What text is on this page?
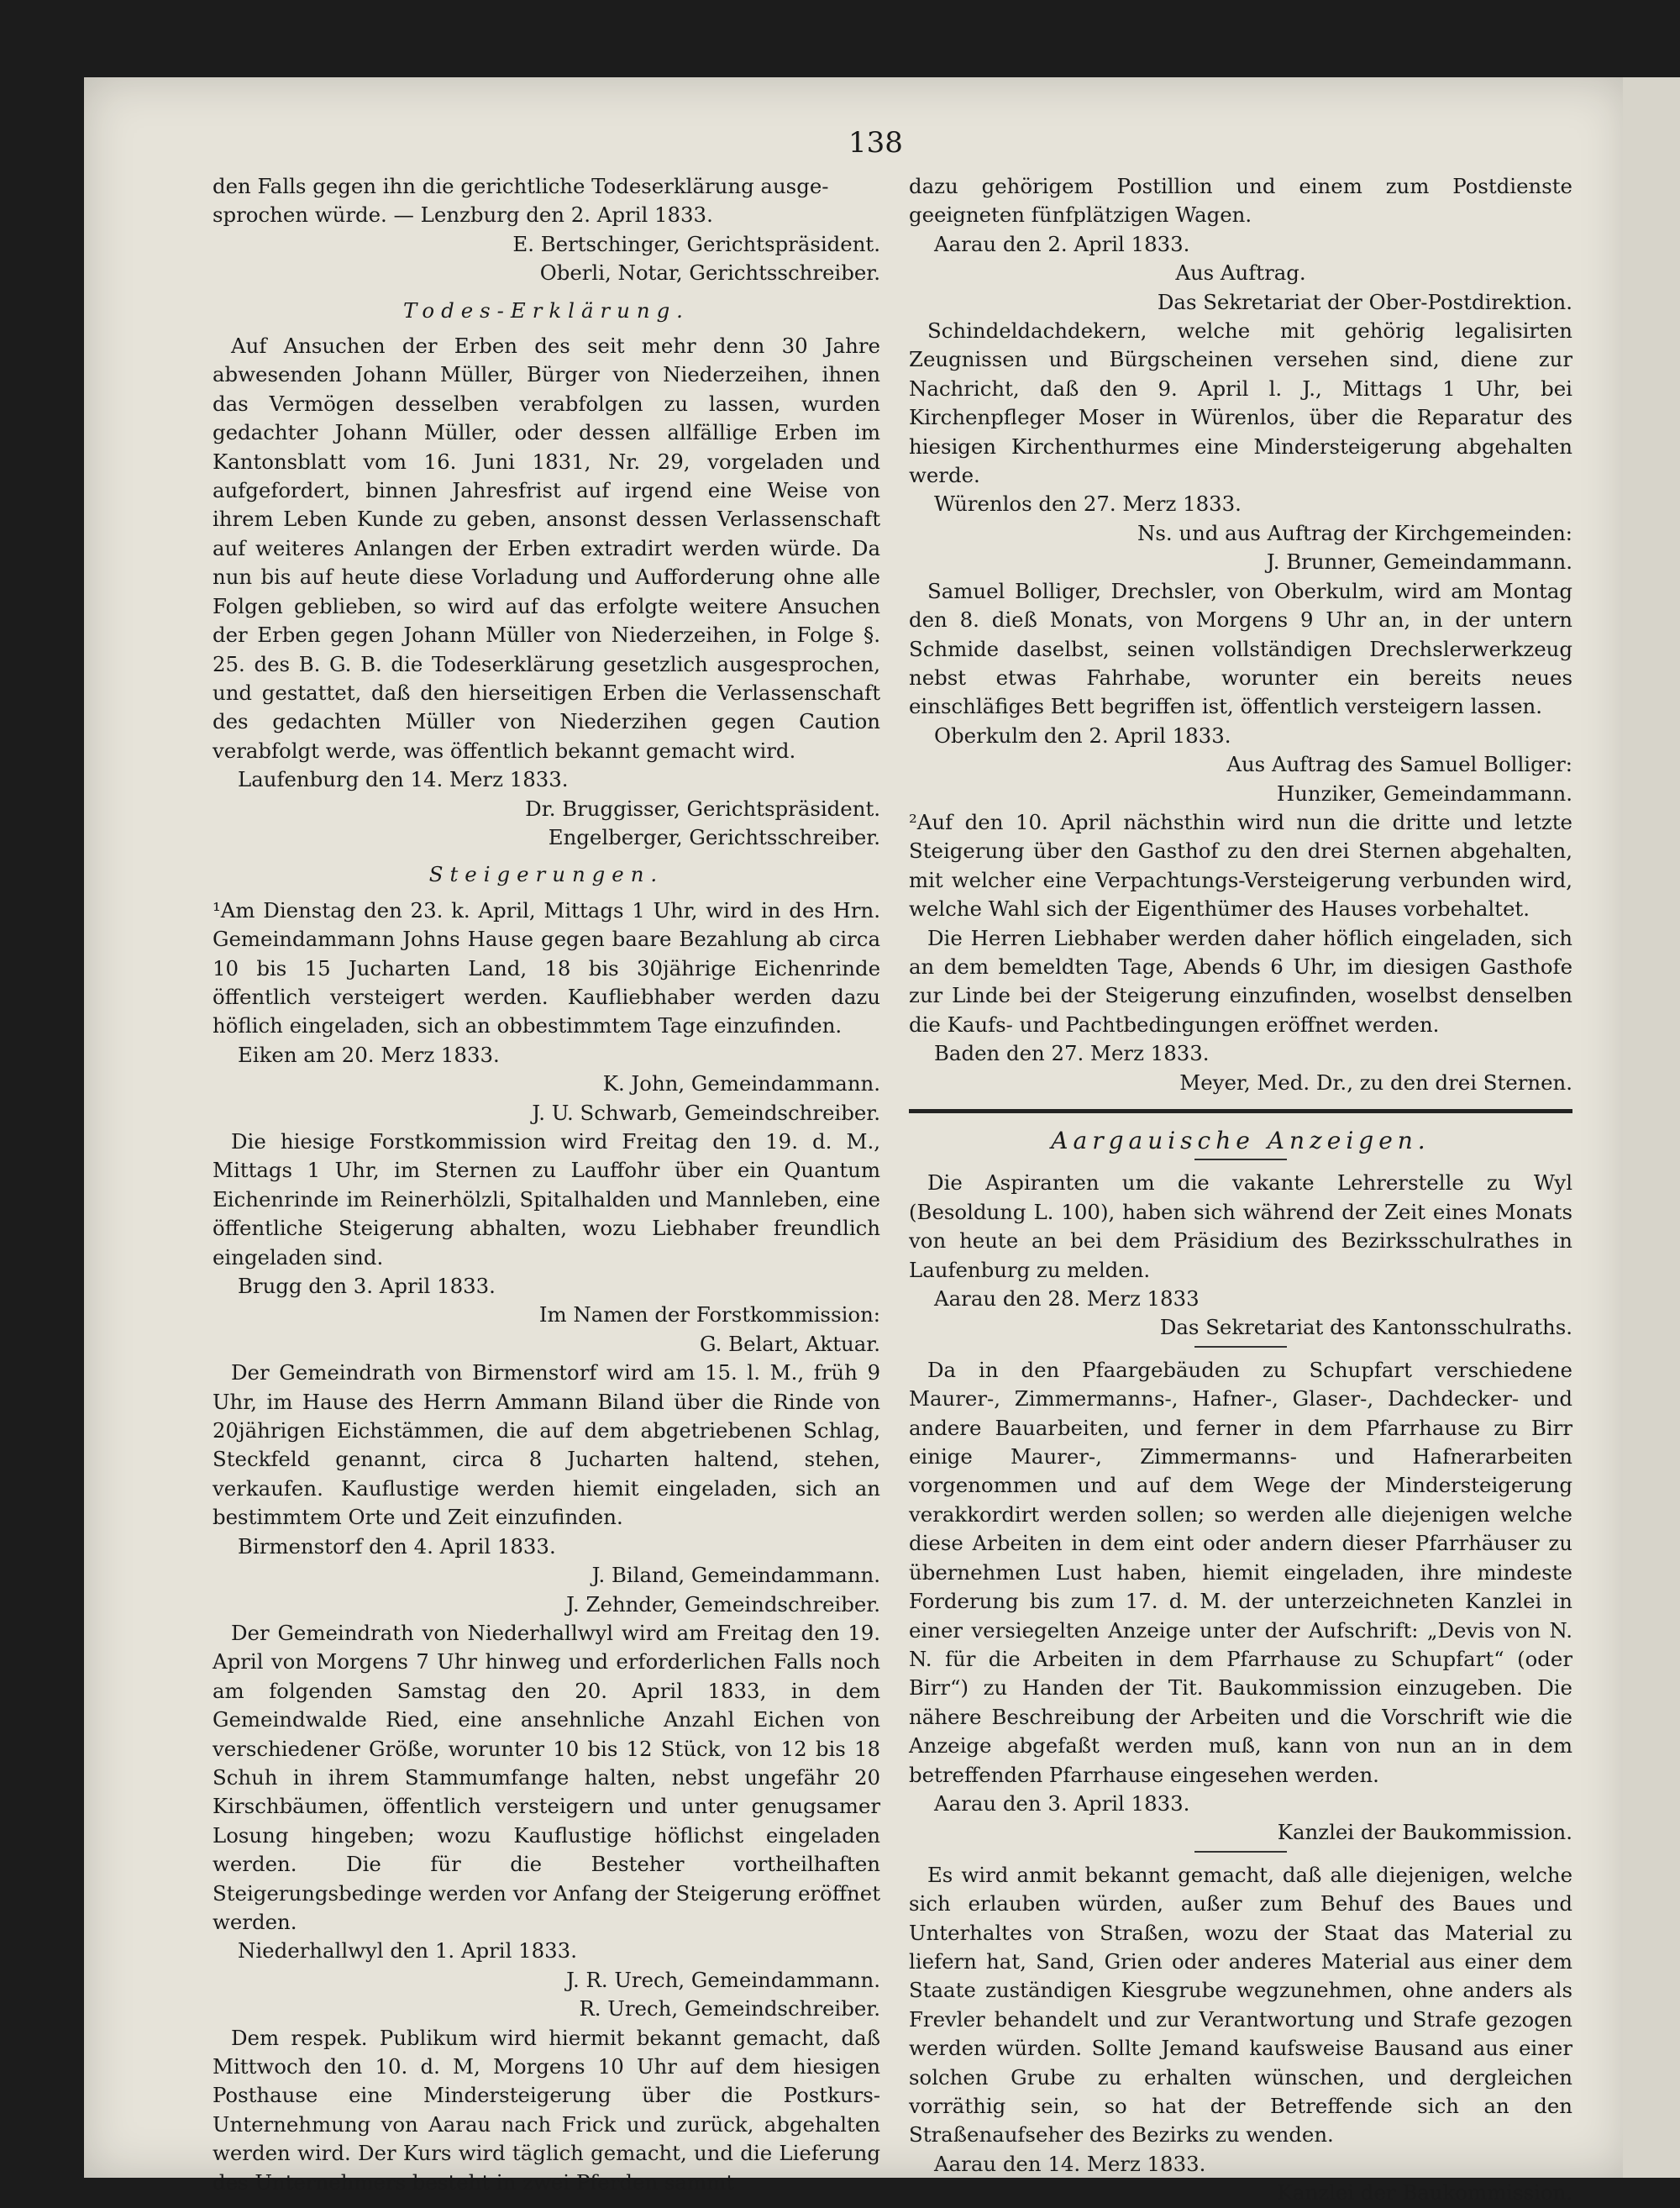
138

den Falls gegen ihn die gerichtliche Todeserklärung ausge-

sprochen würde. — Lenzburg den 2. April 1833.

E. Bertschinger, Gerichtspräsident.
Oberli, Notar, Gerichtsschreiber.
Todes-Erklärung.

Auf Ansuchen der Erben des seit mehr denn 30 Jahre abwesenden Johann Müller, Bürger von Niederzeihen, ihnen das Vermögen desselben verabfolgen zu lassen, wurden gedachter Johann Müller, oder dessen allfällige Erben im Kantonsblatt vom 16. Juni 1831, Nr. 29, vorgeladen und aufgefordert, binnen Jahresfrist auf irgend eine Weise von ihrem Leben Kunde zu geben, ansonst dessen Verlassenschaft auf weiteres Anlangen der Erben extradirt werden würde. Da nun bis auf heute diese Vorladung und Aufforderung ohne alle Folgen geblieben, so wird auf das erfolgte weitere Ansuchen der Erben gegen Johann Müller von Niederzeihen, in Folge §. 25. des B. G. B. die Todeserklärung gesetzlich ausgesprochen, und gestattet, daß den hierseitigen Erben die Verlassenschaft des gedachten Müller von Niederzihen gegen Caution verabfolgt werde, was öffentlich bekannt gemacht wird.

Laufenburg den 14. Merz 1833.
Dr. Bruggisser, Gerichtspräsident.
Engelberger, Gerichtsschreiber.
Steigerungen.

¹Am Dienstag den 23. k. April, Mittags 1 Uhr, wird in des Hrn. Gemeindammann Johns Hause gegen baare Bezahlung ab circa 10 bis 15 Jucharten Land, 18 bis 30jährige Eichenrinde öffentlich versteigert werden. Kaufliebhaber werden dazu höflich eingeladen, sich an obbestimmtem Tage einzufinden.

Eiken am 20. Merz 1833.
K. John, Gemeindammann.
J. U. Schwarb, Gemeindschreiber.

Die hiesige Forstkommission wird Freitag den 19. d. M., Mittags 1 Uhr, im Sternen zu Lauffohr über ein Quantum Eichenrinde im Reinerhölzli, Spitalhalden und Mannleben, eine öffentliche Steigerung abhalten, wozu Liebhaber freundlich eingeladen sind.

Brugg den 3. April 1833.
Im Namen der Forstkommission:
G. Belart, Aktuar.

Der Gemeindrath von Birmenstorf wird am 15. l. M., früh 9 Uhr, im Hause des Herrn Ammann Biland über die Rinde von 20jährigen Eichstämmen, die auf dem abgetriebenen Schlag, Steckfeld genannt, circa 8 Jucharten haltend, stehen, verkaufen. Kauflustige werden hiemit eingeladen, sich an bestimmtem Orte und Zeit einzufinden.

Birmenstorf den 4. April 1833.
J. Biland, Gemeindammann.
J. Zehnder, Gemeindschreiber.

Der Gemeindrath von Niederhallwyl wird am Freitag den 19. April von Morgens 7 Uhr hinweg und erforderlichen Falls noch am folgenden Samstag den 20. April 1833, in dem Gemeindwalde Ried, eine ansehnliche Anzahl Eichen von verschiedener Größe, worunter 10 bis 12 Stück, von 12 bis 18 Schuh in ihrem Stammumfange halten, nebst ungefähr 20 Kirschbäumen, öffentlich versteigern und unter genugsamer Losung hingeben; wozu Kauflustige höflichst eingeladen werden. Die für die Besteher vortheilhaften Steigerungsbedinge werden vor Anfang der Steigerung eröffnet werden.

Niederhallwyl den 1. April 1833.
J. R. Urech, Gemeindammann.
R. Urech, Gemeindschreiber.

Dem respek. Publikum wird hiermit bekannt gemacht, daß Mittwoch den 10. d. M, Morgens 10 Uhr auf dem hiesigen Posthause eine Mindersteigerung über die Postkurs-Unternehmung von Aarau nach Frick und zurück, abgehalten werden wird. Der Kurs wird täglich gemacht, und die Lieferung des Unternehmers besteht in zwei Pferden sammt

dazu gehörigem Postillion und einem zum Postdienste geeigneten fünfplätzigen Wagen.

Aarau den 2. April 1833.
Aus Auftrag.
Das Sekretariat der Ober-Postdirektion.

Schindeldachdekern, welche mit gehörig legalisirten Zeugnissen und Bürgscheinen versehen sind, diene zur Nachricht, daß den 9. April l. J., Mittags 1 Uhr, bei Kirchenpfleger Moser in Würenlos, über die Reparatur des hiesigen Kirchenthurmes eine Mindersteigerung abgehalten werde.

Würenlos den 27. Merz 1833.
Ns. und aus Auftrag der Kirchgemeinden:
J. Brunner, Gemeindammann.

Samuel Bolliger, Drechsler, von Oberkulm, wird am Montag den 8. dieß Monats, von Morgens 9 Uhr an, in der untern Schmide daselbst, seinen vollständigen Drechslerwerkzeug nebst etwas Fahrhabe, worunter ein bereits neues einschläfiges Bett begriffen ist, öffentlich versteigern lassen.

Oberkulm den 2. April 1833.
Aus Auftrag des Samuel Bolliger:
Hunziker, Gemeindammann.

²Auf den 10. April nächsthin wird nun die dritte und letzte Steigerung über den Gasthof zu den drei Sternen abgehalten, mit welcher eine Verpachtungs-Versteigerung verbunden wird, welche Wahl sich der Eigenthümer des Hauses vorbehaltet.

Die Herren Liebhaber werden daher höflich eingeladen, sich an dem bemeldten Tage, Abends 6 Uhr, im diesigen Gasthofe zur Linde bei der Steigerung einzufinden, woselbst denselben die Kaufs- und Pachtbedingungen eröffnet werden.

Baden den 27. Merz 1833.
Meyer, Med. Dr., zu den drei Sternen.
Aargauische Anzeigen.

Die Aspiranten um die vakante Lehrerstelle zu Wyl (Besoldung L. 100), haben sich während der Zeit eines Monats von heute an bei dem Präsidium des Bezirksschulrathes in Laufenburg zu melden.

Aarau den 28. Merz 1833
Das Sekretariat des Kantonsschulraths.

Da in den Pfaargebäuden zu Schupfart verschiedene Maurer-, Zimmermanns-, Hafner-, Glaser-, Dachdecker- und andere Bauarbeiten, und ferner in dem Pfarrhause zu Birr einige Maurer-, Zimmermanns- und Hafnerarbeiten vorgenommen und auf dem Wege der Mindersteigerung verakkordirt werden sollen; so werden alle diejenigen welche diese Arbeiten in dem eint oder andern dieser Pfarrhäuser zu übernehmen Lust haben, hiemit eingeladen, ihre mindeste Forderung bis zum 17. d. M. der unterzeichneten Kanzlei in einer versiegelten Anzeige unter der Aufschrift: „Devis von N. N. für die Arbeiten in dem Pfarrhause zu Schupfart“ (oder Birr“) zu Handen der Tit. Baukommission einzugeben. Die nähere Beschreibung der Arbeiten und die Vorschrift wie die Anzeige abgefaßt werden muß, kann von nun an in dem betreffenden Pfarrhause eingesehen werden.

Aarau den 3. April 1833.
Kanzlei der Baukommission.

Es wird anmit bekannt gemacht, daß alle diejenigen, welche sich erlauben würden, außer zum Behuf des Baues und Unterhaltes von Straßen, wozu der Staat das Material zu liefern hat, Sand, Grien oder anderes Material aus einer dem Staate zuständigen Kiesgrube wegzunehmen, ohne anders als Frevler behandelt und zur Verantwortung und Strafe gezogen werden würden. Sollte Jemand kaufsweise Bausand aus einer solchen Grube zu erhalten wünschen, und dergleichen vorräthig sein, so hat der Betreffende sich an den Straßenaufseher des Bezirks zu wenden.

Aarau den 14. Merz 1833.
Kanzlei der Baukommission.
